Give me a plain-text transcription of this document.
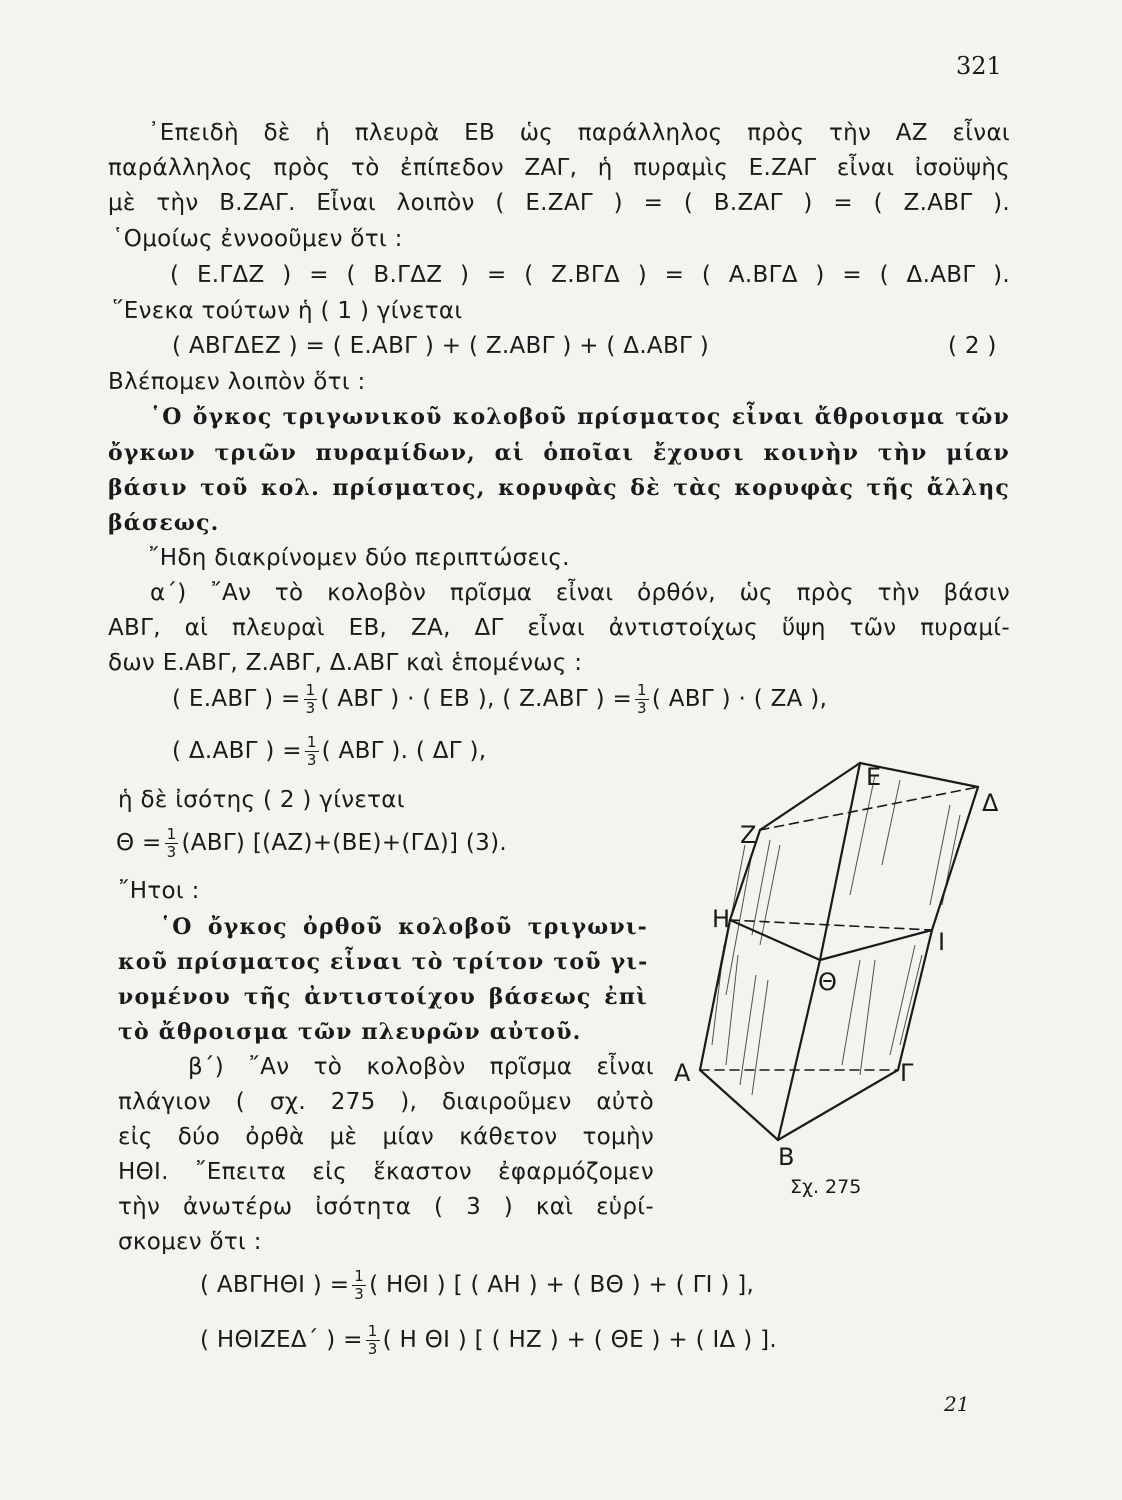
321
᾿Επειδὴ δὲ ἡ πλευρὰ ΕΒ ὡς παράλληλος πρὸς τὴν ΑΖ εἶναι
παράλληλος πρὸς τὸ ἐπίπεδον ΖΑΓ, ἡ πυραμὶς Ε.ΖΑΓ εἶναι ἰσοϋψὴς
μὲ τὴν Β.ΖΑΓ. Εἶναι λοιπὸν ( Ε.ΖΑΓ ) = ( Β.ΖΑΓ ) = ( Ζ.ΑΒΓ ).
῾Ομοίως ἐννοοῦμεν ὅτι :
( Ε.ΓΔΖ ) = ( Β.ΓΔΖ ) = ( Ζ.ΒΓΔ ) = ( Α.ΒΓΔ ) = ( Δ.ΑΒΓ ).
῞Ενεκα τούτων ἡ ( 1 ) γίνεται
( ΑΒΓΔΕΖ ) = ( Ε.ΑΒΓ ) + ( Ζ.ΑΒΓ ) + ( Δ.ΑΒΓ )	( 2 )
Βλέπομεν λοιπὸν ὅτι :
῾Ο ὄγκος τριγωνικοῦ κολοβοῦ πρίσματος εἶναι ἄθροισμα τῶν
ὄγκων τριῶν πυραμίδων, αἱ ὁποῖαι ἔχουσι κοινὴν τὴν μίαν
βάσιν τοῦ κολ. πρίσματος, κορυφὰς δὲ τὰς κορυφὰς τῆς ἄλλης
βάσεως.
῎Ηδη διακρίνομεν δύο περιπτώσεις.
α΄) ῎Αν τὸ κολοβὸν πρῖσμα εἶναι ὀρθόν, ὡς πρὸς τὴν βάσιν
ΑΒΓ, αἱ πλευραὶ ΕΒ, ΖΑ, ΔΓ εἶναι ἀντιστοίχως ὕψη τῶν πυραμί-
δων Ε.ΑΒΓ, Ζ.ΑΒΓ, Δ.ΑΒΓ καὶ ἑπομένως :
( Ε.ΑΒΓ ) = $\frac{1}{3}$ ( ΑΒΓ ) · ( ΕΒ ), ( Ζ.ΑΒΓ ) = $\frac{1}{3}$ ( ΑΒΓ ) · ( ΖΑ ),
( Δ.ΑΒΓ ) = $\frac{1}{3}$ ( ΑΒΓ ). ( ΔΓ ),
ἡ δὲ ἰσότης ( 2 ) γίνεται
$\Theta = \frac{1}{3} (AB\Gamma)$ [(ΑΖ)+(ΒΕ)+(ΓΔ)] (3).
῎Ητοι :
῾Ο ὄγκος ὀρθοῦ κολοβοῦ τριγωνι-
κοῦ πρίσματος εἶναι τὸ τρίτον τοῦ γι-
νομένου τῆς ἀντιστοίχου βάσεως ἐπὶ
τὸ ἄθροισμα τῶν πλευρῶν αὐτοῦ.
β΄) ῎Αν τὸ κολοβὸν πρῖσμα εἶναι
πλάγιον ( σχ. 275 ), διαιροῦμεν αὐτὸ
εἰς δύο ὀρθὰ μὲ μίαν κάθετον τομὴν
ΗΘΙ. ῎Επειτα εἰς ἕκαστον ἐφαρμόζομεν
τὴν ἀνωτέρω ἰσότητα ( 3 ) καὶ εὑρί-
σκομεν ὅτι :
( ΑΒΓΗΘΙ ) = $\frac{1}{3}$ ( ΗΘΙ ) [ ( ΑΗ ) + ( ΒΘ ) + ( ΓΙ ) ],
( ΗΘΙΖΕΔ΄ ) = $\frac{1}{3}$ ( Η ΘΙ ) [ ( ΗΖ ) + ( ΘΕ ) + ( ΙΔ ) ].
21
Ε
Δ
Ζ
Η
Ι
Θ
Α	Γ
Β
Σχ. 275
